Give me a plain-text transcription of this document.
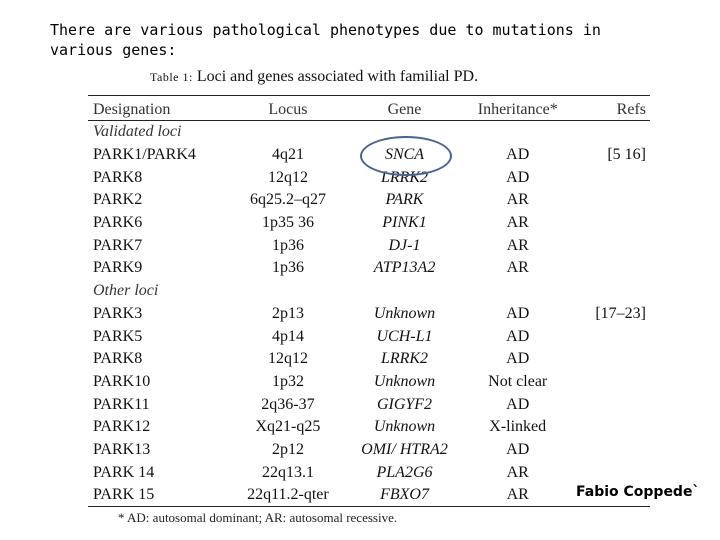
There are various pathological phenotypes due to mutations in various genes:
Table 1: Loci and genes associated with familial PD.
Designation	Locus	Gene	Inheritance*	Refs
Validated loci				
PARK1/PARK4	4q21	SNCA	AD	[5 16]
PARK8	12q12	LRRK2	AD	
PARK2	6q25.2–q27	PARK	AR	
PARK6	1p35 36	PINK1	AR	
PARK7	1p36	DJ-1	AR	
PARK9	1p36	ATP13A2	AR	
Other loci				
PARK3	2p13	Unknown	AD	[17–23]
PARK5	4p14	UCH-L1	AD	
PARK8	12q12	LRRK2	AD	
PARK10	1p32	Unknown	Not clear	
PARK11	2q36-37	GIGYF2	AD	
PARK12	Xq21-q25	Unknown	X-linked	
PARK13	2p12	OMI/ HTRA2	AD	
PARK 14	22q13.1	PLA2G6	AR	
PARK 15	22q11.2-qter	FBXO7	AR	
* AD: autosomal dominant; AR: autosomal recessive.
Fabio Coppede`
